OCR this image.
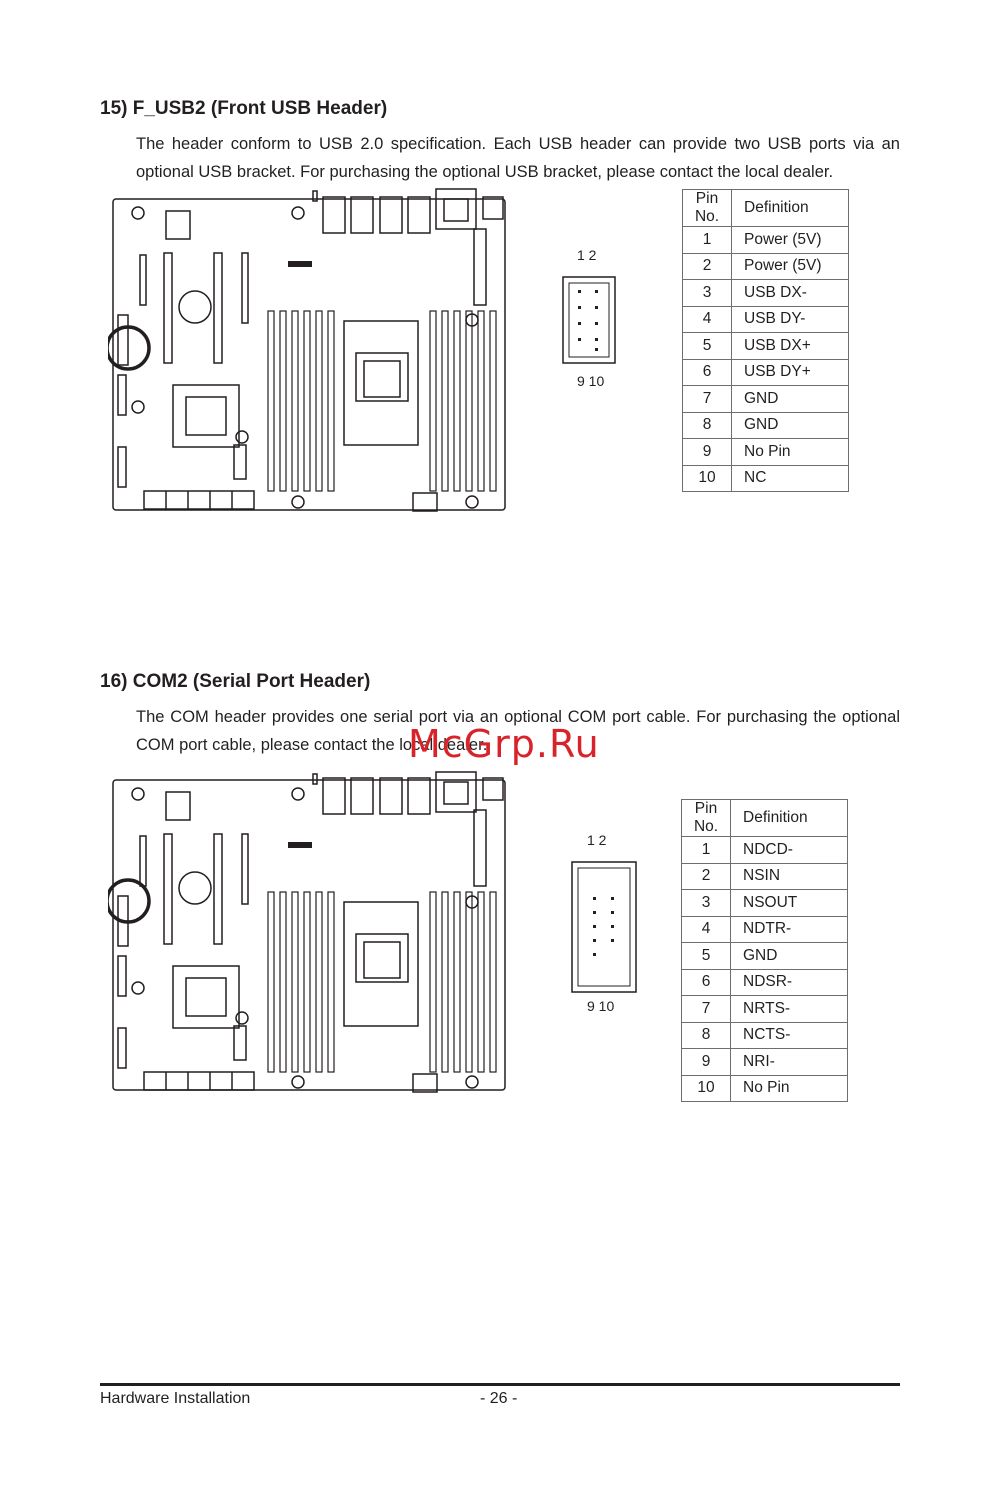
15) F_USB2 (Front USB Header)

The header conform to USB 2.0 specification. Each USB header can provide two USB ports via an
optional USB bracket. For purchasing the optional USB bracket, please contact the local dealer.

1 2
9 10
Pin No.	Definition
1	Power (5V)
2	Power (5V)
3	USB DX-
4	USB DY-
5	USB DX+
6	USB DY+
7	GND
8	GND
9	No Pin
10	NC
16) COM2 (Serial Port Header)

The COM header provides one serial port via an optional COM port cable. For purchasing the optional
COM port cable, please contact the local dealer.

1 2
9 10
Pin No.	Definition
1	NDCD-
2	NSIN
3	NSOUT
4	NDTR-
5	GND
6	NDSR-
7	NRTS-
8	NCTS-
9	NRI-
10	No Pin
McGrp.Ru
Hardware Installation	- 26 -
